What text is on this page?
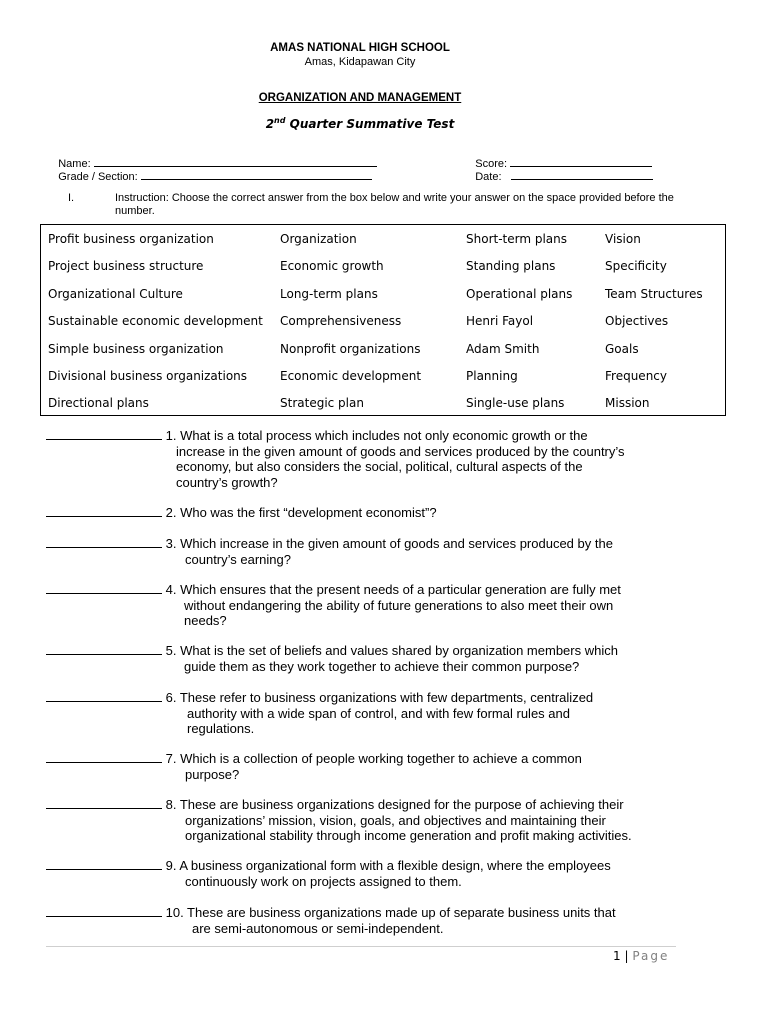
AMAS NATIONAL HIGH SCHOOL
Amas, Kidapawan City
ORGANIZATION AND MANAGEMENT
2nd Quarter Summative Test

Name:

Grade / Section:

Score:

Date:

I.	Instruction: Choose the correct answer from the box below and write your answer on the space provided before the number.
Profit business organization
Project business structure
Organizational Culture
Sustainable economic development
Simple business organization
Divisional business organizations
Directional plans
Organization
Economic growth
Long-term plans
Comprehensiveness
Nonprofit organizations
Economic development
Strategic plan
Short-term plans
Standing plans
Operational plans
Henri Fayol
Adam Smith
Planning
Single-use plans
Vision
Specificity
Team Structures
Objectives
Goals
Frequency
Mission
1. What is a total process which includes not only economic growth or the
increase in the given amount of goods and services produced by the country’s
economy, but also considers the social, political, cultural aspects of the
country’s growth?
2. Who was the first “development economist”?
3. Which increase in the given amount of goods and services produced by the
country’s earning?
4. Which ensures that the present needs of a particular generation are fully met
without endangering the ability of future generations to also meet their own
needs?
5. What is the set of beliefs and values shared by organization members which
guide them as they work together to achieve their common purpose?
6. These refer to business organizations with few departments, centralized
authority with a wide span of control, and with few formal rules and
regulations.
7. Which is a collection of people working together to achieve a common
purpose?
8. These are business organizations designed for the purpose of achieving their
organizations’ mission, vision, goals, and objectives and maintaining their
organizational stability through income generation and profit making activities.
9. A business organizational form with a flexible design, where the employees
continuously work on projects assigned to them.
10. These are business organizations made up of separate business units that
are semi-autonomous or semi-independent.
1 | Page
